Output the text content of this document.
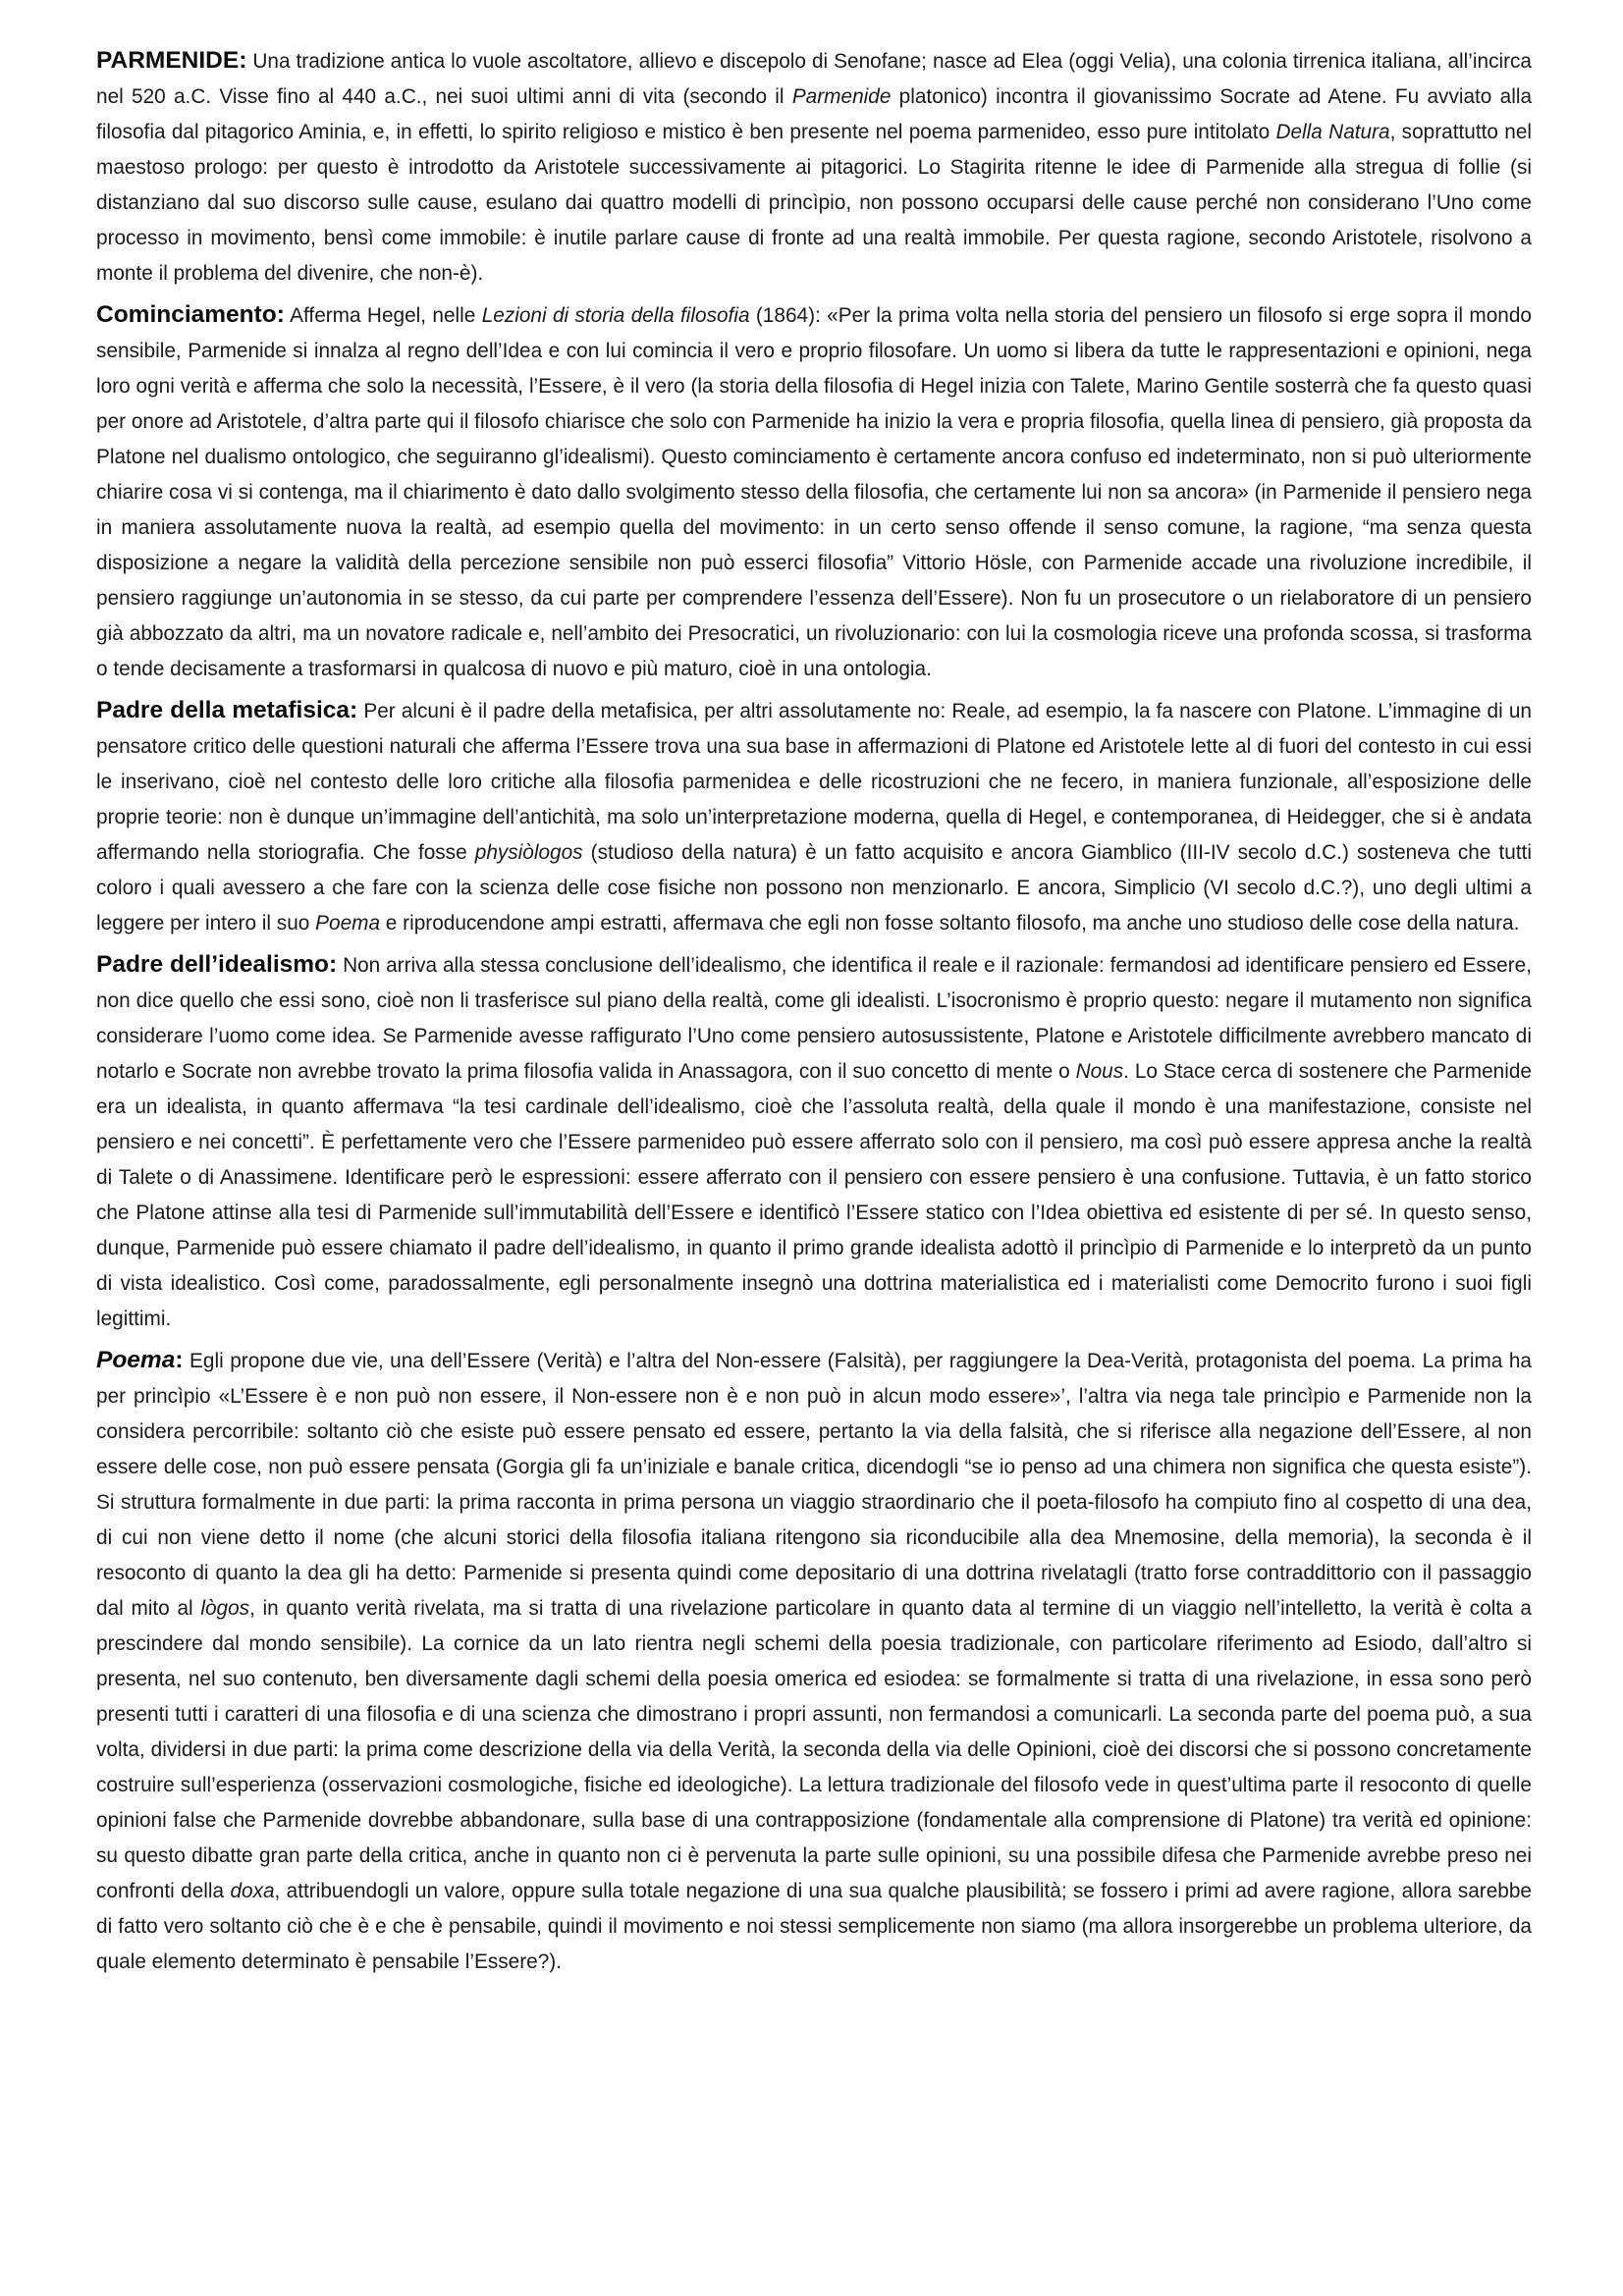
PARMENIDE: Una tradizione antica lo vuole ascoltatore, allievo e discepolo di Senofane; nasce ad Elea (oggi Velia), una colonia tirrenica italiana, all’incirca nel 520 a.C. Visse fino al 440 a.C., nei suoi ultimi anni di vita (secondo il Parmenide platonico) incontra il giovanissimo Socrate ad Atene. Fu avviato alla filosofia dal pitagorico Aminia, e, in effetti, lo spirito religioso e mistico è ben presente nel poema parmenideo, esso pure intitolato Della Natura, soprattutto nel maestoso prologo: per questo è introdotto da Aristotele successivamente ai pitagorici. Lo Stagirita ritenne le idee di Parmenide alla stregua di follie (si distanziano dal suo discorso sulle cause, esulano dai quattro modelli di princìpio, non possono occuparsi delle cause perché non considerano l’Uno come processo in movimento, bensì come immobile: è inutile parlare cause di fronte ad una realtà immobile. Per questa ragione, secondo Aristotele, risolvono a monte il problema del divenire, che non-è).

Cominciamento: Afferma Hegel, nelle Lezioni di storia della filosofia (1864): «Per la prima volta nella storia del pensiero un filosofo si erge sopra il mondo sensibile, Parmenide si innalza al regno dell’Idea e con lui comincia il vero e proprio filosofare. Un uomo si libera da tutte le rappresentazioni e opinioni, nega loro ogni verità e afferma che solo la necessità, l’Essere, è il vero (la storia della filosofia di Hegel inizia con Talete, Marino Gentile sosterrà che fa questo quasi per onore ad Aristotele, d’altra parte qui il filosofo chiarisce che solo con Parmenide ha inizio la vera e propria filosofia, quella linea di pensiero, già proposta da Platone nel dualismo ontologico, che seguiranno gl’idealismi). Questo cominciamento è certamente ancora confuso ed indeterminato, non si può ulteriormente chiarire cosa vi si contenga, ma il chiarimento è dato dallo svolgimento stesso della filosofia, che certamente lui non sa ancora» (in Parmenide il pensiero nega in maniera assolutamente nuova la realtà, ad esempio quella del movimento: in un certo senso offende il senso comune, la ragione, “ma senza questa disposizione a negare la validità della percezione sensibile non può esserci filosofia” Vittorio Hösle, con Parmenide accade una rivoluzione incredibile, il pensiero raggiunge un’autonomia in se stesso, da cui parte per comprendere l’essenza dell’Essere). Non fu un prosecutore o un rielaboratore di un pensiero già abbozzato da altri, ma un novatore radicale e, nell’ambito dei Presocratici, un rivoluzionario: con lui la cosmologia riceve una profonda scossa, si trasforma o tende decisamente a trasformarsi in qualcosa di nuovo e più maturo, cioè in una ontologia.

Padre della metafisica: Per alcuni è il padre della metafisica, per altri assolutamente no: Reale, ad esempio, la fa nascere con Platone. L’immagine di un pensatore critico delle questioni naturali che afferma l’Essere trova una sua base in affermazioni di Platone ed Aristotele lette al di fuori del contesto in cui essi le inserivano, cioè nel contesto delle loro critiche alla filosofia parmenidea e delle ricostruzioni che ne fecero, in maniera funzionale, all’esposizione delle proprie teorie: non è dunque un’immagine dell’antichità, ma solo un’interpretazione moderna, quella di Hegel, e contemporanea, di Heidegger, che si è andata affermando nella storiografia. Che fosse physiòlogos (studioso della natura) è un fatto acquisito e ancora Giamblico (III-IV secolo d.C.) sosteneva che tutti coloro i quali avessero a che fare con la scienza delle cose fisiche non possono non menzionarlo. E ancora, Simplicio (VI secolo d.C.?), uno degli ultimi a leggere per intero il suo Poema e riproducendone ampi estratti, affermava che egli non fosse soltanto filosofo, ma anche uno studioso delle cose della natura.

Padre dell’idealismo: Non arriva alla stessa conclusione dell’idealismo, che identifica il reale e il razionale: fermandosi ad identificare pensiero ed Essere, non dice quello che essi sono, cioè non li trasferisce sul piano della realtà, come gli idealisti. L’isocronismo è proprio questo: negare il mutamento non significa considerare l’uomo come idea. Se Parmenide avesse raffigurato l’Uno come pensiero autosussistente, Platone e Aristotele difficilmente avrebbero mancato di notarlo e Socrate non avrebbe trovato la prima filosofia valida in Anassagora, con il suo concetto di mente o Nous. Lo Stace cerca di sostenere che Parmenide era un idealista, in quanto affermava “la tesi cardinale dell’idealismo, cioè che l’assoluta realtà, della quale il mondo è una manifestazione, consiste nel pensiero e nei concetti”. È perfettamente vero che l’Essere parmenideo può essere afferrato solo con il pensiero, ma così può essere appresa anche la realtà di Talete o di Anassimene. Identificare però le espressioni: essere afferrato con il pensiero con essere pensiero è una confusione. Tuttavia, è un fatto storico che Platone attinse alla tesi di Parmenide sull’immutabilità dell’Essere e identificò l’Essere statico con l’Idea obiettiva ed esistente di per sé. In questo senso, dunque, Parmenide può essere chiamato il padre dell’idealismo, in quanto il primo grande idealista adottò il princìpio di Parmenide e lo interpretò da un punto di vista idealistico. Così come, paradossalmente, egli personalmente insegnò una dottrina materialistica ed i materialisti come Democrito furono i suoi figli legittimi.

Poema: Egli propone due vie, una dell’Essere (Verità) e l’altra del Non-essere (Falsità), per raggiungere la Dea-Verità, protagonista del poema. La prima ha per princìpio «L’Essere è e non può non essere, il Non-essere non è e non può in alcun modo essere»’, l’altra via nega tale princìpio e Parmenide non la considera percorribile: soltanto ciò che esiste può essere pensato ed essere, pertanto la via della falsità, che si riferisce alla negazione dell’Essere, al non essere delle cose, non può essere pensata (Gorgia gli fa un’iniziale e banale critica, dicendogli “se io penso ad una chimera non significa che questa esiste”). Si struttura formalmente in due parti: la prima racconta in prima persona un viaggio straordinario che il poeta-filosofo ha compiuto fino al cospetto di una dea, di cui non viene detto il nome (che alcuni storici della filosofia italiana ritengono sia riconducibile alla dea Mnemosine, della memoria), la seconda è il resoconto di quanto la dea gli ha detto: Parmenide si presenta quindi come depositario di una dottrina rivelatagli (tratto forse contraddittorio con il passaggio dal mito al lògos, in quanto verità rivelata, ma si tratta di una rivelazione particolare in quanto data al termine di un viaggio nell’intelletto, la verità è colta a prescindere dal mondo sensibile). La cornice da un lato rientra negli schemi della poesia tradizionale, con particolare riferimento ad Esiodo, dall’altro si presenta, nel suo contenuto, ben diversamente dagli schemi della poesia omerica ed esiodea: se formalmente si tratta di una rivelazione, in essa sono però presenti tutti i caratteri di una filosofia e di una scienza che dimostrano i propri assunti, non fermandosi a comunicarli. La seconda parte del poema può, a sua volta, dividersi in due parti: la prima come descrizione della via della Verità, la seconda della via delle Opinioni, cioè dei discorsi che si possono concretamente costruire sull’esperienza (osservazioni cosmologiche, fisiche ed ideologiche). La lettura tradizionale del filosofo vede in quest’ultima parte il resoconto di quelle opinioni false che Parmenide dovrebbe abbandonare, sulla base di una contrapposizione (fondamentale alla comprensione di Platone) tra verità ed opinione: su questo dibatte gran parte della critica, anche in quanto non ci è pervenuta la parte sulle opinioni, su una possibile difesa che Parmenide avrebbe preso nei confronti della doxa, attribuendogli un valore, oppure sulla totale negazione di una sua qualche plausibilità; se fossero i primi ad avere ragione, allora sarebbe di fatto vero soltanto ciò che è e che è pensabile, quindi il movimento e noi stessi semplicemente non siamo (ma allora insorgerebbe un problema ulteriore, da quale elemento determinato è pensabile l’Essere?).
